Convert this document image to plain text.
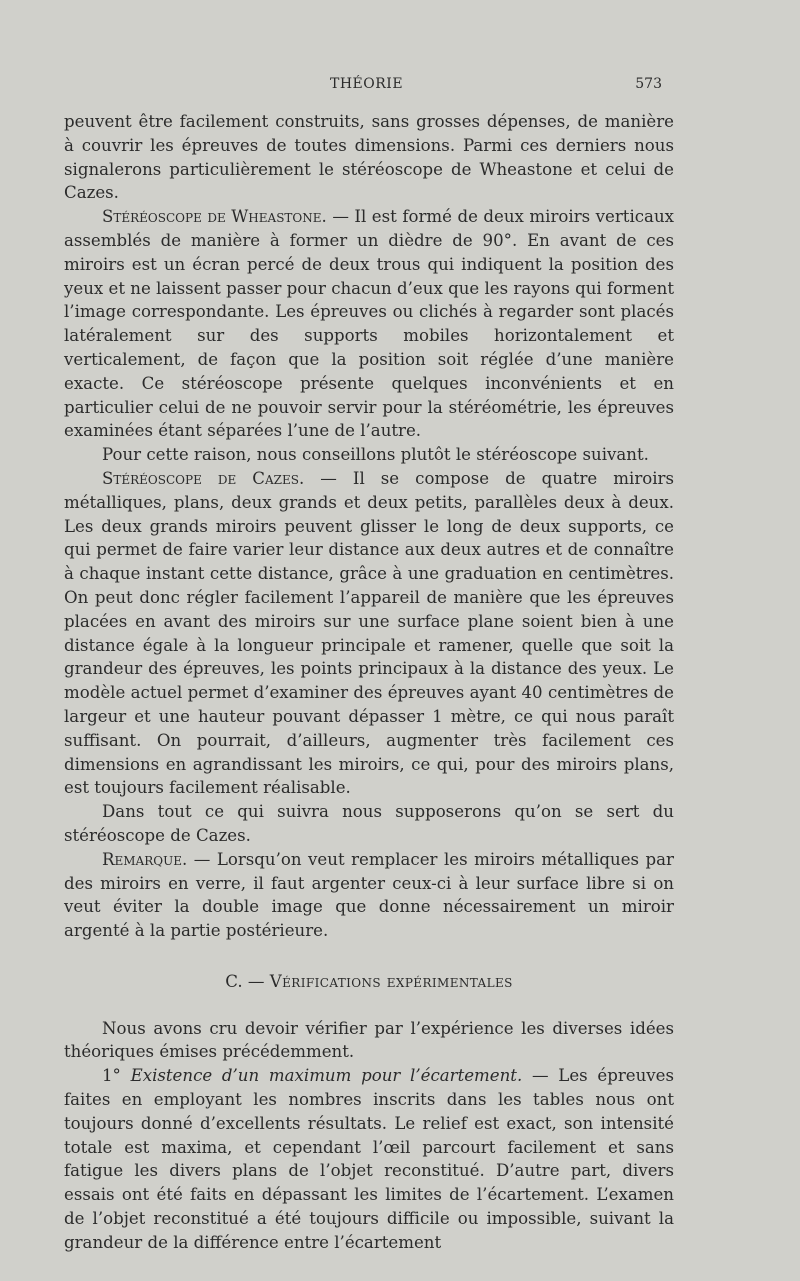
THÉORIE	573

peuvent être facilement construits, sans grosses dépenses, de manière à couvrir les épreuves de toutes dimensions. Parmi ces derniers nous signalerons particulièrement le stéréoscope de Wheastone et celui de Cazes.

Stéréoscope de Wheastone. — Il est formé de deux miroirs verticaux assemblés de manière à former un dièdre de 90°. En avant de ces miroirs est un écran percé de deux trous qui indiquent la position des yeux et ne laissent passer pour chacun d’eux que les rayons qui forment l’image correspondante. Les épreuves ou clichés à regarder sont placés latéralement sur des supports mobiles horizontalement et verticalement, de façon que la position soit réglée d’une manière exacte. Ce stéréoscope présente quelques inconvénients et en particulier celui de ne pouvoir servir pour la stéréométrie, les épreuves examinées étant séparées l’une de l’autre.

Pour cette raison, nous conseillons plutôt le stéréoscope suivant.

Stéréoscope de Cazes. — Il se compose de quatre miroirs métalliques, plans, deux grands et deux petits, parallèles deux à deux. Les deux grands miroirs peuvent glisser le long de deux supports, ce qui permet de faire varier leur distance aux deux autres et de connaître à chaque instant cette distance, grâce à une graduation en centimètres. On peut donc régler facilement l’appareil de manière que les épreuves placées en avant des miroirs sur une surface plane soient bien à une distance égale à la longueur principale et ramener, quelle que soit la grandeur des épreuves, les points principaux à la distance des yeux. Le modèle actuel permet d’examiner des épreuves ayant 40 centimètres de largeur et une hauteur pouvant dépasser 1 mètre, ce qui nous paraît suffisant. On pourrait, d’ailleurs, augmenter très facilement ces dimensions en agrandissant les miroirs, ce qui, pour des miroirs plans, est toujours facilement réalisable.

Dans tout ce qui suivra nous supposerons qu’on se sert du stéréoscope de Cazes.

Remarque. — Lorsqu’on veut remplacer les miroirs métalliques par des miroirs en verre, il faut argenter ceux-ci à leur surface libre si on veut éviter la double image que donne nécessairement un miroir argenté à la partie postérieure.

C. — Vérifications expérimentales

Nous avons cru devoir vérifier par l’expérience les diverses idées théoriques émises précédemment.

1° Existence d’un maximum pour l’écartement. — Les épreuves faites en employant les nombres inscrits dans les tables nous ont toujours donné d’excellents résultats. Le relief est exact, son intensité totale est maxima, et cependant l’œil parcourt facilement et sans fatigue les divers plans de l’objet reconstitué. D’autre part, divers essais ont été faits en dépassant les limites de l’écartement. L’examen de l’objet reconstitué a été toujours difficile ou impossible, suivant la grandeur de la différence entre l’écartement
